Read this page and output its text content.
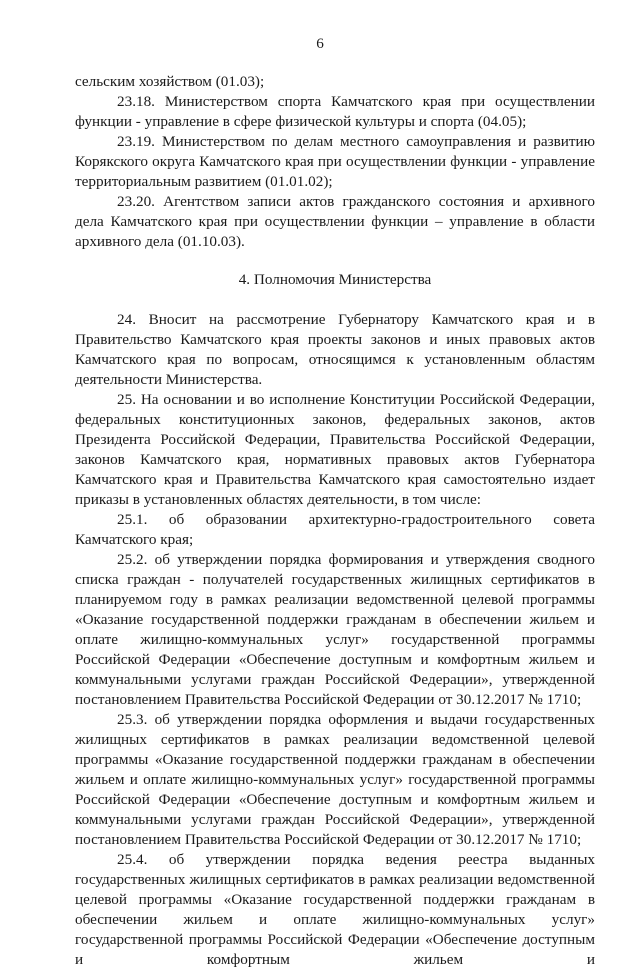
6

сельским хозяйством (01.03);

23.18. Министерством спорта Камчатского края при осуществлении функции - управление в сфере физической культуры и спорта (04.05);

23.19. Министерством по делам местного самоуправления и развитию Корякского округа Камчатского края при осуществлении функции - управление территориальным развитием (01.01.02);

23.20. Агентством записи актов гражданского состояния и архивного дела Камчатского края при осуществлении функции – управление в области архивного дела (01.10.03).

4. Полномочия Министерства

24. Вносит на рассмотрение Губернатору Камчатского края и в Правительство Камчатского края проекты законов и иных правовых актов Камчатского края по вопросам, относящимся к установленным областям деятельности Министерства.

25. На основании и во исполнение Конституции Российской Федерации, федеральных конституционных законов, федеральных законов, актов Президента Российской Федерации, Правительства Российской Федерации, законов Камчатского края, нормативных правовых актов Губернатора Камчатского края и Правительства Камчатского края самостоятельно издает приказы в установленных областях деятельности, в том числе:

25.1. об образовании архитектурно-градостроительного совета Камчатского края;

25.2. об утверждении порядка формирования и утверждения сводного списка граждан - получателей государственных жилищных сертификатов в планируемом году в рамках реализации ведомственной целевой программы «Оказание государственной поддержки гражданам в обеспечении жильем и оплате жилищно-коммунальных услуг» государственной программы Российской Федерации «Обеспечение доступным и комфортным жильем и коммунальными услугами граждан Российской Федерации», утвержденной постановлением Правительства Российской Федерации от 30.12.2017 № 1710;

25.3. об утверждении порядка оформления и выдачи государственных жилищных сертификатов в рамках реализации ведомственной целевой программы «Оказание государственной поддержки гражданам в обеспечении жильем и оплате жилищно-коммунальных услуг» государственной программы Российской Федерации «Обеспечение доступным и комфортным жильем и коммунальными услугами граждан Российской Федерации», утвержденной постановлением Правительства Российской Федерации от 30.12.2017 № 1710;

25.4. об утверждении порядка ведения реестра выданных государственных жилищных сертификатов в рамках реализации ведомственной целевой программы «Оказание государственной поддержки гражданам в обеспечении жильем и оплате жилищно-коммунальных услуг» государственной программы Российской Федерации «Обеспечение доступным и комфортным жильем и
